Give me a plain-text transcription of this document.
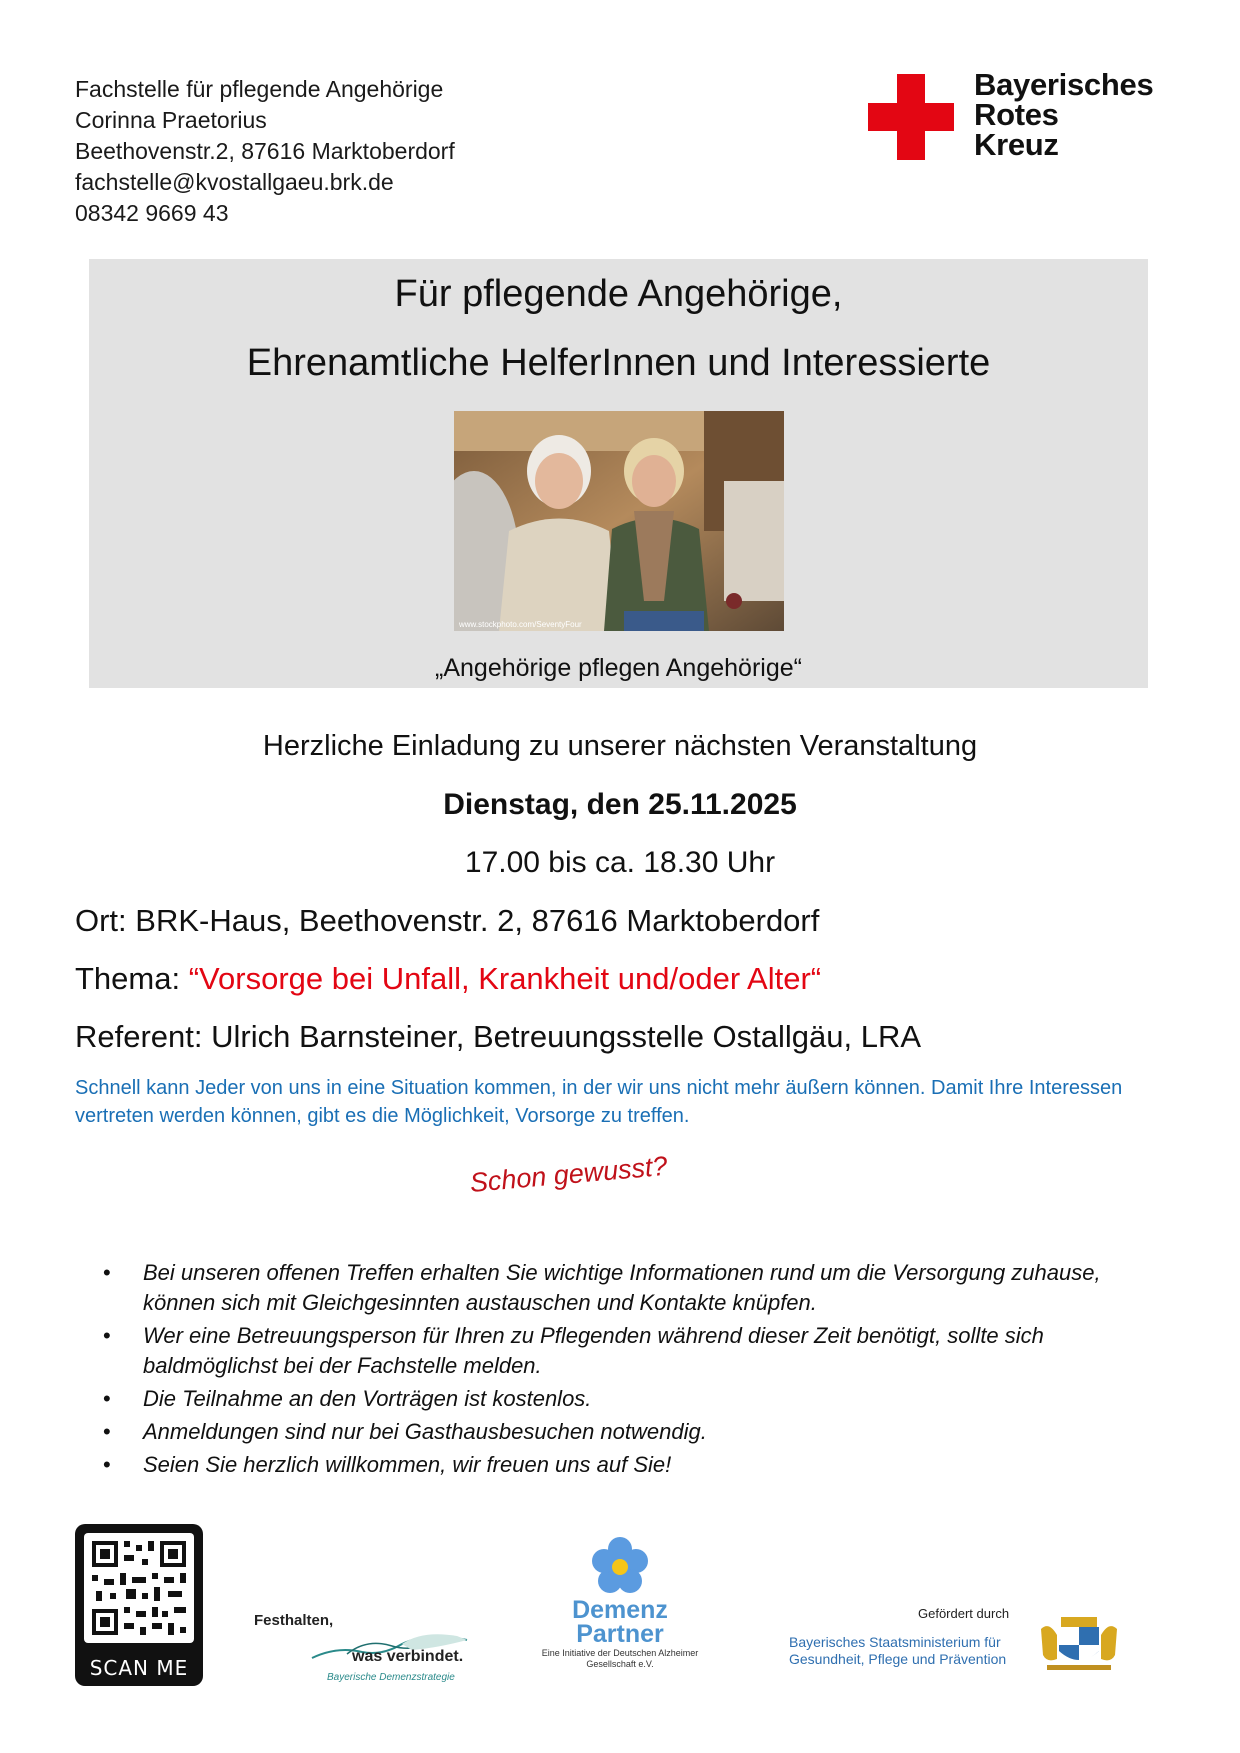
Fachstelle für pflegende Angehörige
Corinna Praetorius
Beethovenstr.2, 87616 Marktoberdorf
fachstelle@kvostallgaeu.brk.de
08342 9669 43
Bayerisches
Rotes
Kreuz
Für pflegende Angehörige,
Ehrenamtliche HelferInnen und Interessierte
www.stockphoto.com/SeventyFour
„Angehörige pflegen Angehörige“
Herzliche Einladung zu unserer nächsten Veranstaltung
Dienstag, den 25.11.2025
17.00 bis ca. 18.30 Uhr
Ort: BRK-Haus, Beethovenstr. 2, 87616 Marktoberdorf
Thema: “Vorsorge bei Unfall, Krankheit und/oder Alter“
Referent: Ulrich Barnsteiner, Betreuungsstelle Ostallgäu, LRA
Schnell kann Jeder von uns in eine Situation kommen, in der wir uns nicht mehr äußern können. Damit Ihre Interessen vertreten werden können, gibt es die Möglichkeit, Vorsorge zu treffen.
Schon gewusst?
• Bei unseren offenen Treffen erhalten Sie wichtige Informationen rund um die Versorgung zuhause, können sich mit Gleichgesinnten austauschen und Kontakte knüpfen.
• Wer eine Betreuungsperson für Ihren zu Pflegenden während dieser Zeit benötigt, sollte sich baldmöglichst bei der Fachstelle melden.
• Die Teilnahme an den Vorträgen ist kostenlos.
• Anmeldungen sind nur bei Gasthausbesuchen notwendig.
• Seien Sie herzlich willkommen, wir freuen uns auf Sie!
SCAN ME
Festhalten,
was verbindet.
Bayerische Demenzstrategie
Demenz
Partner
Eine Initiative der Deutschen Alzheimer Gesellschaft e.V.
Gefördert durch
Bayerisches Staatsministerium für
Gesundheit, Pflege und Prävention
